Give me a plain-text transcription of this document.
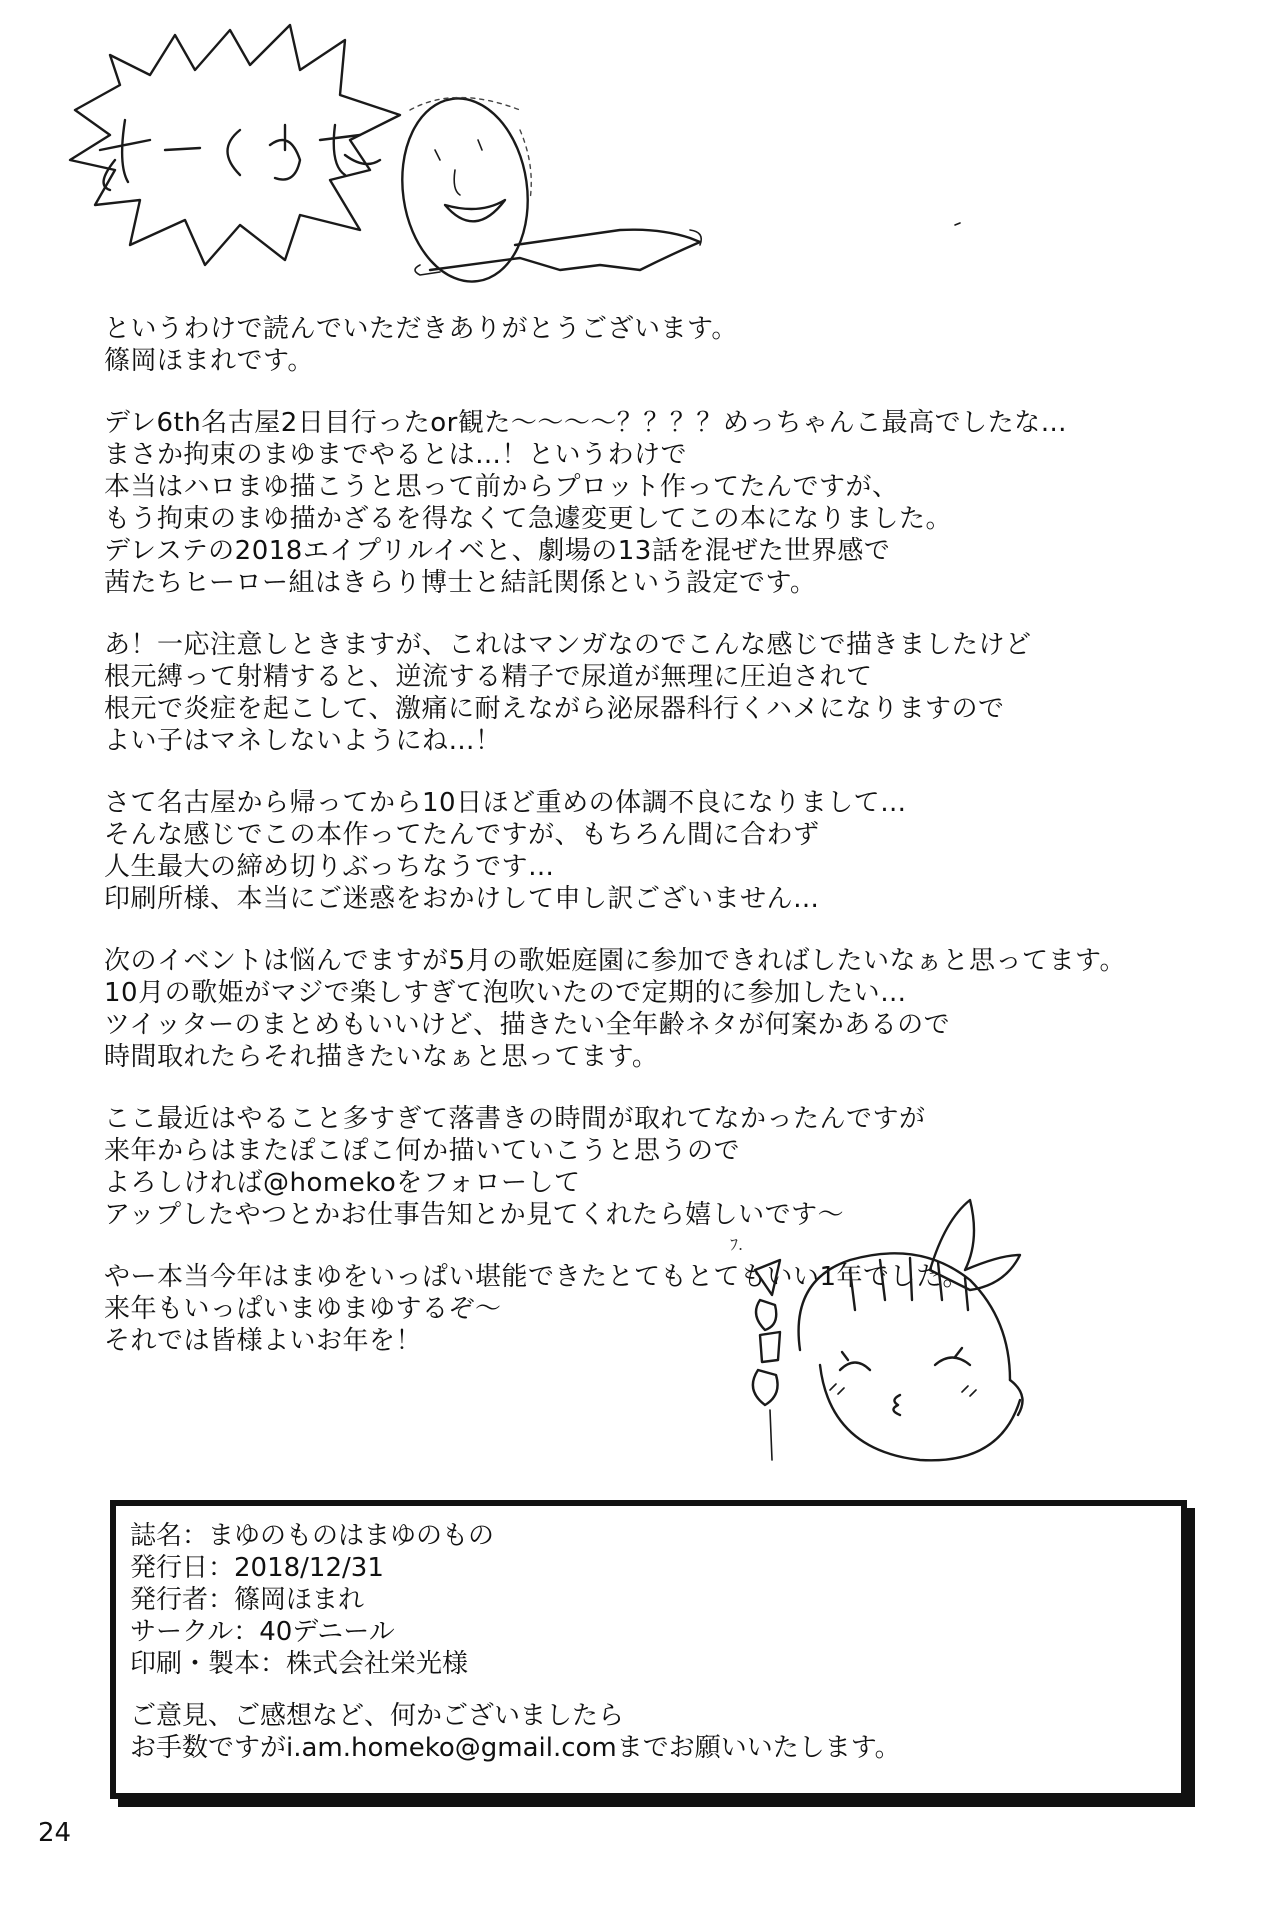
というわけで読んでいただきありがとうございます。
篠岡ほまれです。
デレ6th名古屋2日目行ったor観た～～～～？？？？めっちゃんこ最高でしたな…
まさか拘束のまゆまでやるとは…！というわけで
本当はハロまゆ描こうと思って前からプロット作ってたんですが、
もう拘束のまゆ描かざるを得なくて急遽変更してこの本になりました。
デレステの2018エイプリルイベと、劇場の13話を混ぜた世界感で
茜たちヒーロー組はきらり博士と結託関係という設定です。
あ！一応注意しときますが、これはマンガなのでこんな感じで描きましたけど
根元縛って射精すると、逆流する精子で尿道が無理に圧迫されて
根元で炎症を起こして、激痛に耐えながら泌尿器科行くハメになりますので
よい子はマネしないようにね…！
さて名古屋から帰ってから10日ほど重めの体調不良になりまして…
そんな感じでこの本作ってたんですが、もちろん間に合わず
人生最大の締め切りぶっちなうです…
印刷所様、本当にご迷惑をおかけして申し訳ございません…
次のイベントは悩んでますが5月の歌姫庭園に参加できればしたいなぁと思ってます。
10月の歌姫がマジで楽しすぎて泡吹いたので定期的に参加したい…
ツイッターのまとめもいいけど、描きたい全年齢ネタが何案かあるので
時間取れたらそれ描きたいなぁと思ってます。
ここ最近はやること多すぎて落書きの時間が取れてなかったんですが
来年からはまたぽこぽこ何か描いていこうと思うので
よろしければ@homekoをフォローして
アップしたやつとかお仕事告知とか見てくれたら嬉しいです～
やー本当今年はまゆをいっぱい堪能できたとてもとてもいい1年でした。
来年もいっぱいまゆまゆするぞ～
それでは皆様よいお年を！
ﾌ.
誌名：まゆのものはまゆのもの
発行日：2018/12/31
発行者：篠岡ほまれ
サークル：40デニール
印刷・製本：株式会社栄光様
ご意見、ご感想など、何かございましたら
お手数ですがi.am.homeko@gmail.comまでお願いいたします。
24
